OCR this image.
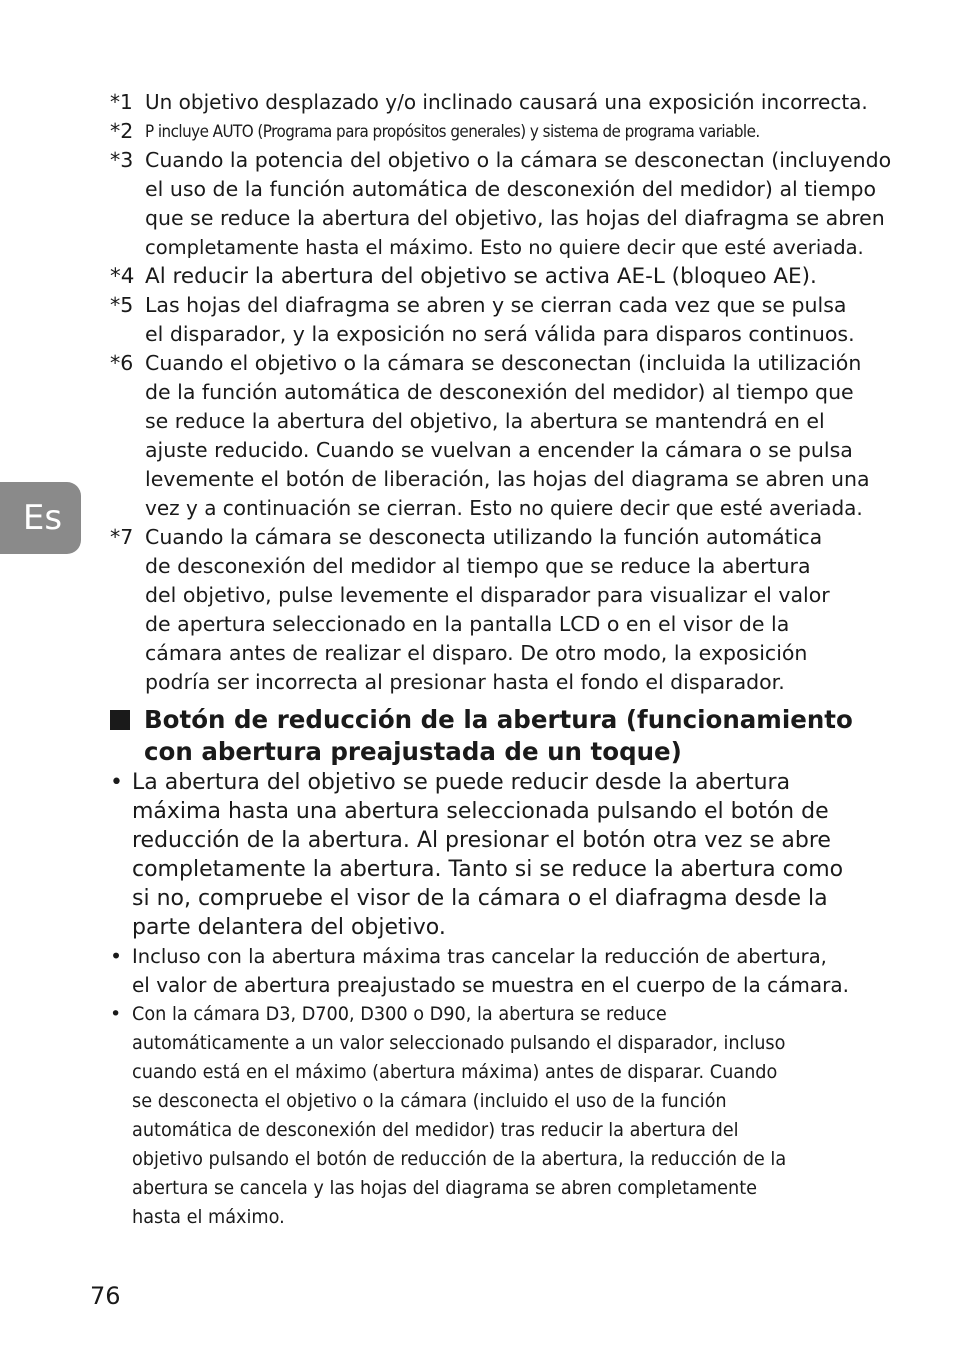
Es
*1 Un objetivo desplazado y/o inclinado causará una exposición incorrecta.
*2 P incluye AUTO (Programa para propósitos generales) y sistema de programa variable.
*3 Cuando la potencia del objetivo o la cámara se desconectan (incluyendo
el uso de la función automática de desconexión del medidor) al tiempo
que se reduce la abertura del objetivo, las hojas del diafragma se abren
completamente hasta el máximo. Esto no quiere decir que esté averiada.
*4 Al reducir la abertura del objetivo se activa AE-L (bloqueo AE).
*5 Las hojas del diafragma se abren y se cierran cada vez que se pulsa
el disparador, y la exposición no será válida para disparos continuos.
*6 Cuando el objetivo o la cámara se desconectan (incluida la utilización
de la función automática de desconexión del medidor) al tiempo que
se reduce la abertura del objetivo, la abertura se mantendrá en el
ajuste reducido. Cuando se vuelvan a encender la cámara o se pulsa
levemente el botón de liberación, las hojas del diagrama se abren una
vez y a continuación se cierran. Esto no quiere decir que esté averiada.
*7 Cuando la cámara se desconecta utilizando la función automática
de desconexión del medidor al tiempo que se reduce la abertura
del objetivo, pulse levemente el disparador para visualizar el valor
de apertura seleccionado en la pantalla LCD o en el visor de la
cámara antes de realizar el disparo. De otro modo, la exposición
podría ser incorrecta al presionar hasta el fondo el disparador.
Botón de reducción de la abertura (funcionamiento
con abertura preajustada de un toque)
• La abertura del objetivo se puede reducir desde la abertura
máxima hasta una abertura seleccionada pulsando el botón de
reducción de la abertura. Al presionar el botón otra vez se abre
completamente la abertura. Tanto si se reduce la abertura como
si no, compruebe el visor de la cámara o el diafragma desde la
parte delantera del objetivo.
• Incluso con la abertura máxima tras cancelar la reducción de abertura,
el valor de abertura preajustado se muestra en el cuerpo de la cámara.
• Con la cámara D3, D700, D300 o D90, la abertura se reduce
automáticamente a un valor seleccionado pulsando el disparador, incluso
cuando está en el máximo (abertura máxima) antes de disparar. Cuando
se desconecta el objetivo o la cámara (incluido el uso de la función
automática de desconexión del medidor) tras reducir la abertura del
objetivo pulsando el botón de reducción de la abertura, la reducción de la
abertura se cancela y las hojas del diagrama se abren completamente
hasta el máximo.
76
